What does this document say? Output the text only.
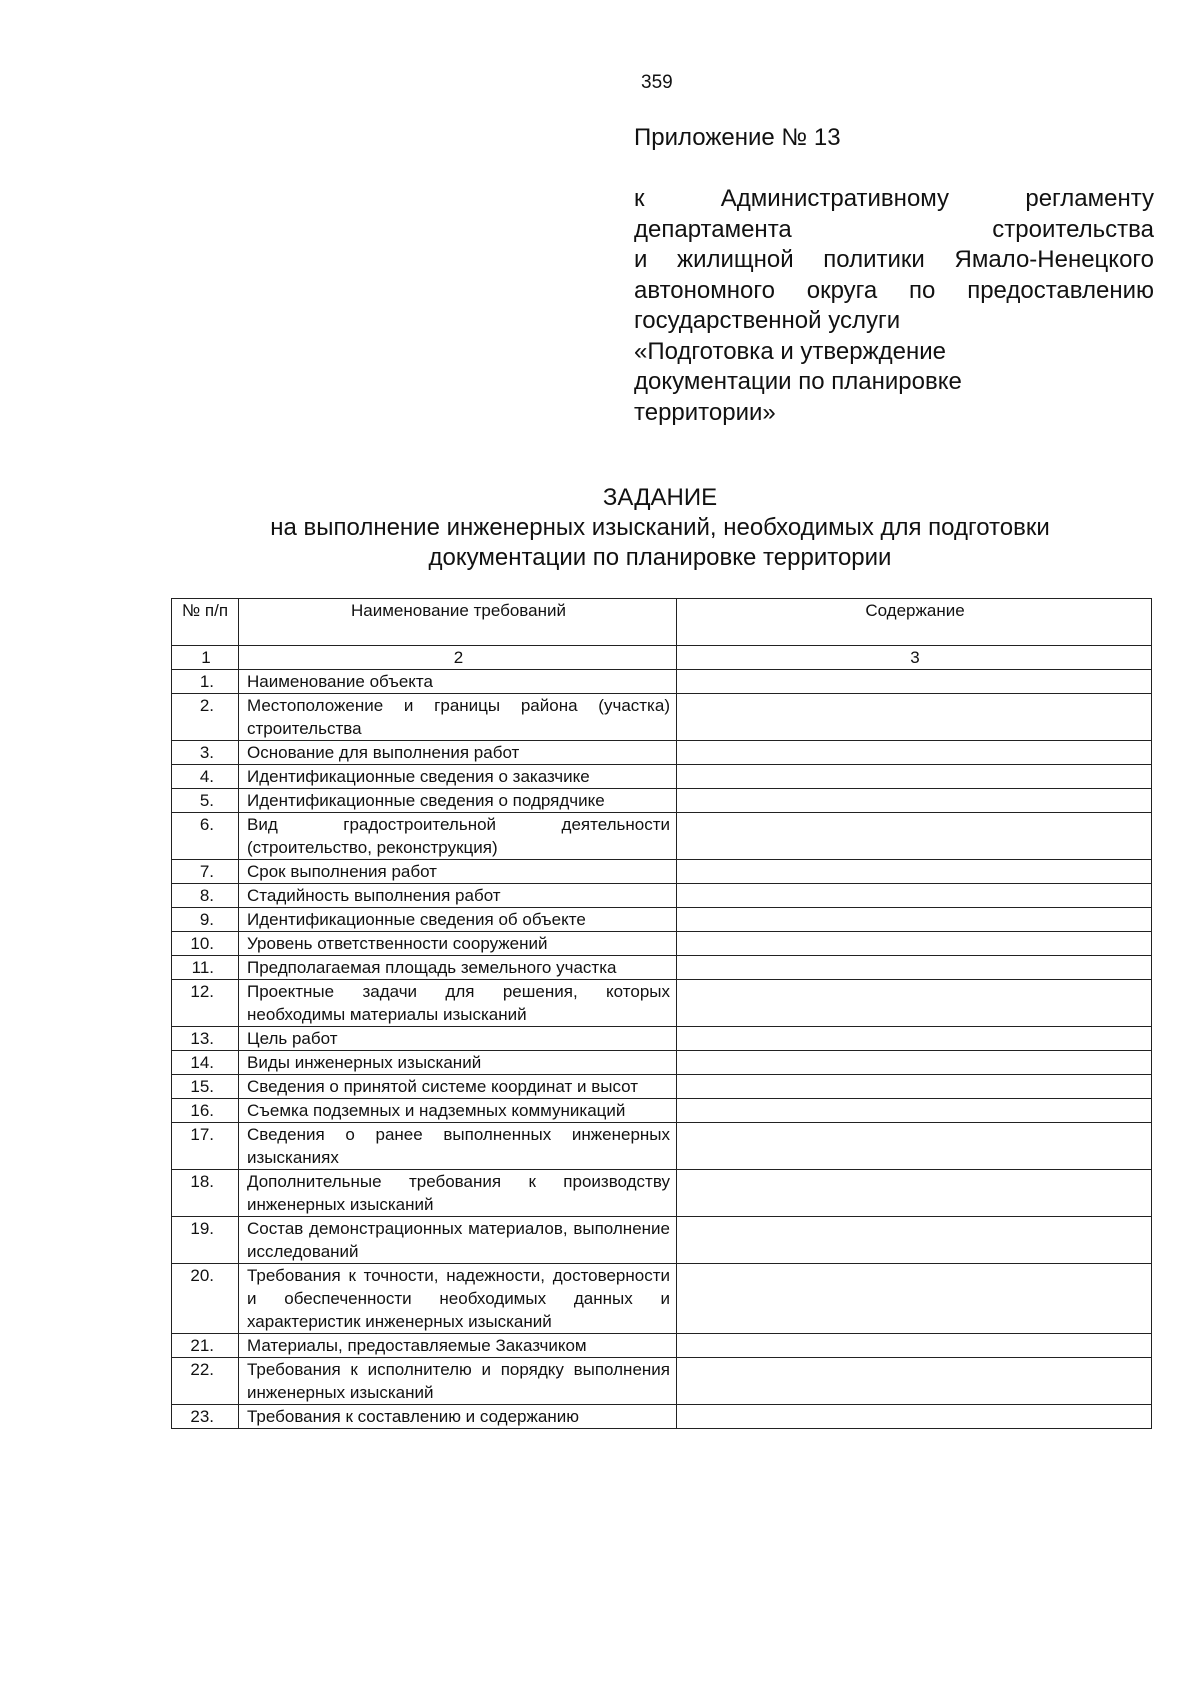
359
Приложение № 13
к	Административному	регламенту
департамента	строительства
и жилищной политики Ямало-Ненецкого
автономного округа по предоставлению
государственной услуги
«Подготовка и утверждение
документации по планировке
территории»
ЗАДАНИЕ
на выполнение инженерных изысканий, необходимых для подготовки
документации по планировке территории
№ п/п	Наименование требований	Содержание
1	2	3
1.	Наименование объекта	
2.	Местоположение и границы района (участка) строительства	
3.	Основание для выполнения работ	
4.	Идентификационные сведения о заказчике	
5.	Идентификационные сведения о подрядчике	
6.	Вид градостроительной деятельности (строительство, реконструкция)	
7.	Срок выполнения работ	
8.	Стадийность выполнения работ	
9.	Идентификационные сведения об объекте	
10.	Уровень ответственности сооружений	
11.	Предполагаемая площадь земельного участка	
12.	Проектные задачи для решения, которых необходимы материалы изысканий	
13.	Цель работ	
14.	Виды инженерных изысканий	
15.	Сведения о принятой системе координат и высот	
16.	Съемка подземных и надземных коммуникаций	
17.	Сведения о ранее выполненных инженерных изысканиях	
18.	Дополнительные требования к производству инженерных изысканий	
19.	Состав демонстрационных материалов, выполнение исследований	
20.	Требования к точности, надежности, достоверности и обеспеченности необходимых данных и характеристик инженерных изысканий	
21.	Материалы, предоставляемые Заказчиком	
22.	Требования к исполнителю и порядку выполнения инженерных изысканий	
23.	Требования к составлению и содержанию	
